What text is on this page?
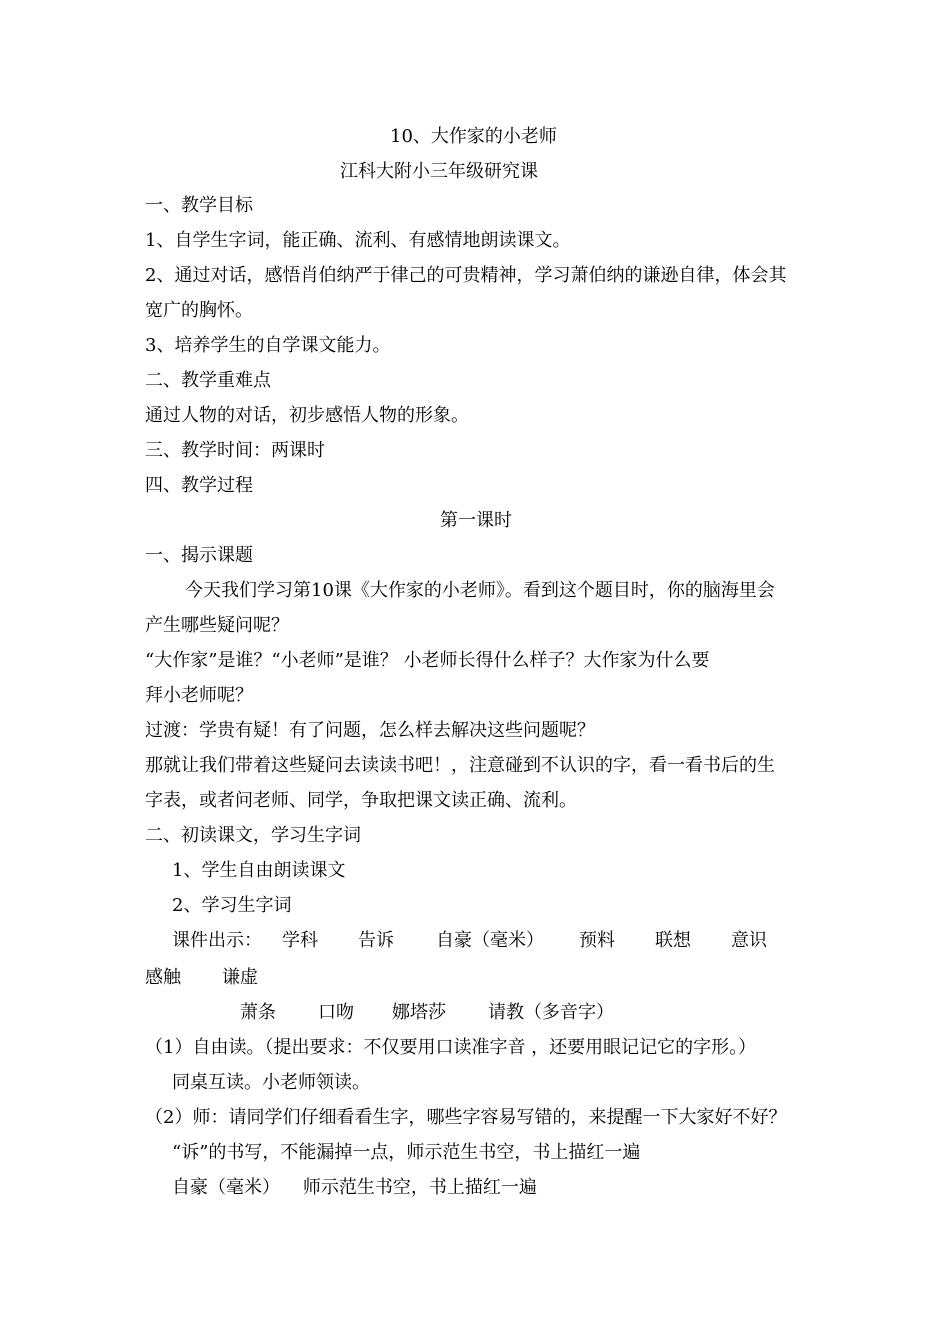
10、大作家的小老师
江科大附小三年级研究课
一、教学目标
1、自学生字词，能正确、流利、有感情地朗读课文。
2、通过对话，感悟肖伯纳严于律己的可贵精神，学习萧伯纳的谦逊自律，体会其
宽广的胸怀。
3、培养学生的自学课文能力。
二、教学重难点
通过人物的对话，初步感悟人物的形象。
三、教学时间：两课时
四、教学过程
第一课时
一、揭示课题
今天我们学习第10课《大作家的小老师》。看到这个题目时，你的脑海里会
产生哪些疑问呢？
“大作家”是谁？“小老师”是谁？ 小老师长得什么样子？大作家为什么要
拜小老师呢？
过渡：学贵有疑！有了问题，怎么样去解决这些问题呢？
那就让我们带着这些疑问去读读书吧！，注意碰到不认识的字，看一看书后的生
字表，或者问老师、同学，争取把课文读正确、流利。
二、初读课文，学习生字词
1、学生自由朗读课文
2、学习生字词
课件出示： 学科 告诉 自豪（毫米） 预料 联想 意识
感触 谦虚
萧条 口吻 娜塔莎 请教（多音字）
（1）自由读。（提出要求：不仅要用口读准字音 ，还要用眼记记它的字形。）
同桌互读。小老师领读。
（2）师：请同学们仔细看看生字，哪些字容易写错的，来提醒一下大家好不好？
“诉”的书写，不能漏掉一点，师示范生书空，书上描红一遍
自豪（毫米）    师示范生书空，书上描红一遍
